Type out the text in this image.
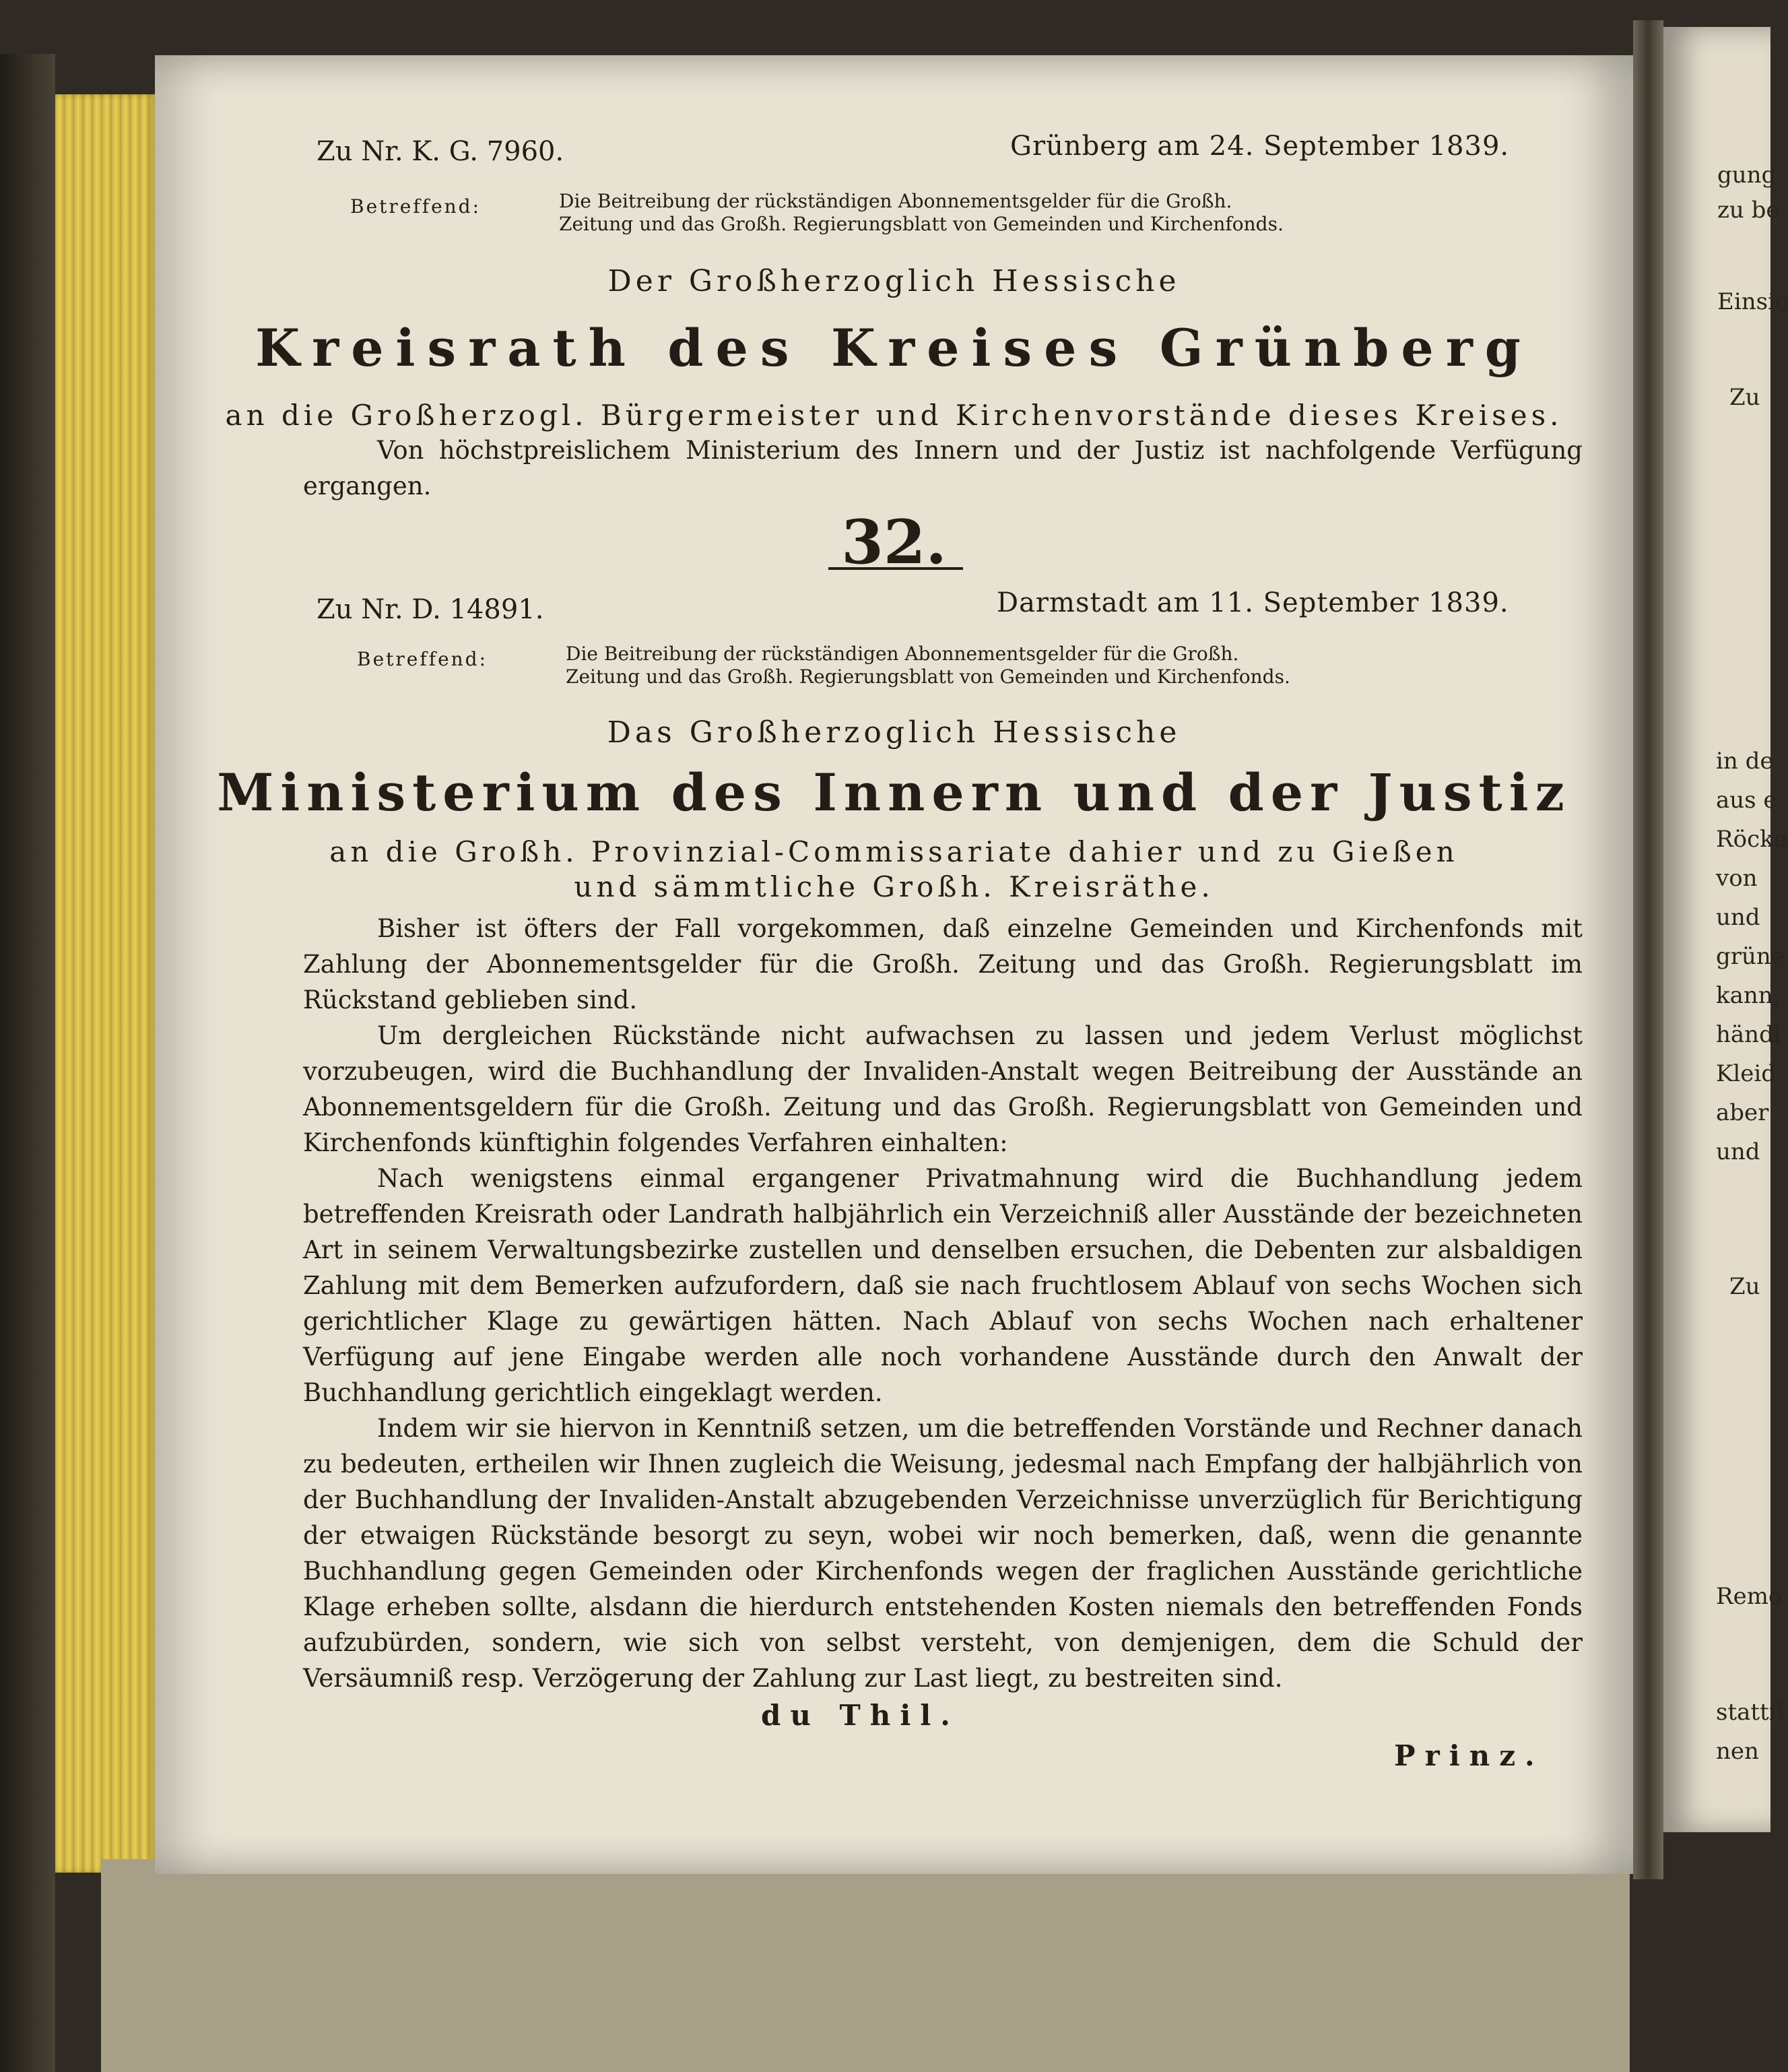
gung
zu be
Einsic
Zu
in de
aus e
Röcke
von
und
grüne
kann,
händl
Kleid
aber
und
Zu
Remo
stattfi
nen
Zu Nr. K. G. 7960.	Grünberg am 24. September 1839.
Betreffend:	Die Beitreibung der rückständigen Abonnementsgelder für die Großh. Zeitung und das Großh. Regierungsblatt von Gemeinden und Kirchenfonds.
Der Großherzoglich Hessische
Kreisrath des Kreises Grünberg
an die Großherzogl. Bürgermeister und Kirchenvorstände dieses Kreises.

Von höchstpreislichem Ministerium des Innern und der Justiz ist nachfolgende Verfügung ergangen.

32.
Zu Nr. D. 14891.	Darmstadt am 11. September 1839.
Betreffend:	Die Beitreibung der rückständigen Abonnementsgelder für die Großh. Zeitung und das Großh. Regierungsblatt von Gemeinden und Kirchenfonds.
Das Großherzoglich Hessische
Ministerium des Innern und der Justiz
an die Großh. Provinzial-Commissariate dahier und zu Gießen
und sämmtliche Großh. Kreisräthe.

Bisher ist öfters der Fall vorgekommen, daß einzelne Gemeinden und Kirchenfonds mit Zahlung der Abonnementsgelder für die Großh. Zeitung und das Großh. Regierungsblatt im Rückstand geblieben sind.

Um dergleichen Rückstände nicht aufwachsen zu lassen und jedem Verlust möglichst vorzubeugen, wird die Buchhandlung der Invaliden-Anstalt wegen Beitreibung der Ausstände an Abonnementsgeldern für die Großh. Zeitung und das Großh. Regierungsblatt von Gemeinden und Kirchenfonds künftighin folgendes Verfahren einhalten:

Nach wenigstens einmal ergangener Privatmahnung wird die Buchhandlung jedem betreffenden Kreisrath oder Landrath halbjährlich ein Verzeichniß aller Ausstände der bezeichneten Art in seinem Verwaltungsbezirke zustellen und denselben ersuchen, die Debenten zur alsbaldigen Zahlung mit dem Bemerken aufzufordern, daß sie nach fruchtlosem Ablauf von sechs Wochen sich gerichtlicher Klage zu gewärtigen hätten. Nach Ablauf von sechs Wochen nach erhaltener Verfügung auf jene Eingabe werden alle noch vorhandene Ausstände durch den Anwalt der Buchhandlung gerichtlich eingeklagt werden.

Indem wir sie hiervon in Kenntniß setzen, um die betreffenden Vorstände und Rechner danach zu bedeuten, ertheilen wir Ihnen zugleich die Weisung, jedesmal nach Empfang der halbjährlich von der Buchhandlung der Invaliden-Anstalt abzugebenden Verzeichnisse unverzüglich für Berichtigung der etwaigen Rückstände besorgt zu seyn, wobei wir noch bemerken, daß, wenn die genannte Buchhandlung gegen Gemeinden oder Kirchenfonds wegen der fraglichen Ausstände gerichtliche Klage erheben sollte, alsdann die hierdurch entstehenden Kosten niemals den betreffenden Fonds aufzubürden, sondern, wie sich von selbst versteht, von demjenigen, dem die Schuld der Versäumniß resp. Verzögerung der Zahlung zur Last liegt, zu bestreiten sind.

du Thil.
Prinz.
